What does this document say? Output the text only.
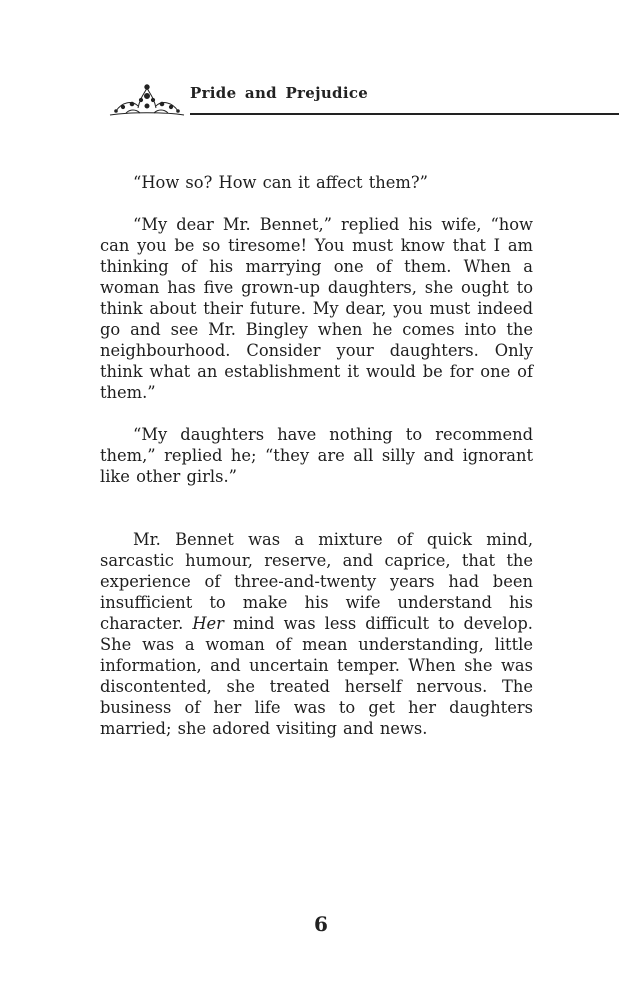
Pride and Prejudice

“How so? How can it affect them?”

“My dear Mr. Bennet,” replied his wife, “how can you be so tiresome! You must know that I am thinking of his marrying one of them. When a woman has five grown-up daughters, she ought to think about their future. My dear, you must indeed go and see Mr. Bingley when he comes into the neighbourhood. Consider your daughters. Only think what an establishment it would be for one of them.”

“My daughters have nothing to recommend them,” replied he; “they are all silly and ignorant like other girls.”

Mr. Bennet was a mixture of quick mind, sarcastic humour, reserve, and caprice, that the experience of three-and-twenty years had been insufficient to make his wife understand his character. Her mind was less difficult to develop. She was a woman of mean understanding, little information, and uncertain temper. When she was discontented, she treated herself nervous. The business of her life was to get her daughters married; she adored visiting and news.

6
